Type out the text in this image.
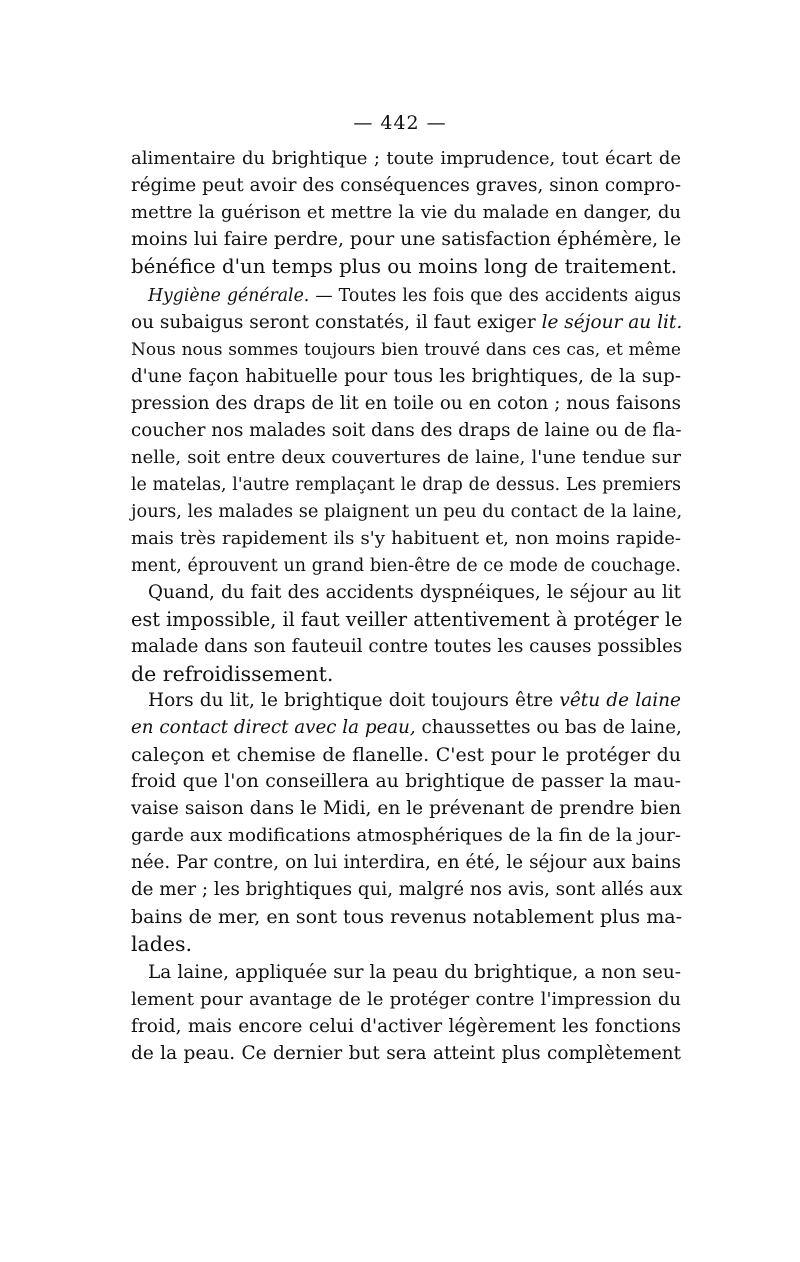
— 442 —
alimentaire du brightique ; toute imprudence, tout écart de
régime peut avoir des conséquences graves, sinon compro-
mettre la guérison et mettre la vie du malade en danger, du
moins lui faire perdre, pour une satisfaction éphémère, le
bénéfice d'un temps plus ou moins long de traitement.
Hygiène générale. — Toutes les fois que des accidents aigus
ou subaigus seront constatés, il faut exiger le séjour au lit.
Nous nous sommes toujours bien trouvé dans ces cas, et même
d'une façon habituelle pour tous les brightiques, de la sup-
pression des draps de lit en toile ou en coton ; nous faisons
coucher nos malades soit dans des draps de laine ou de fla-
nelle, soit entre deux couvertures de laine, l'une tendue sur
le matelas, l'autre remplaçant le drap de dessus. Les premiers
jours, les malades se plaignent un peu du contact de la laine,
mais très rapidement ils s'y habituent et, non moins rapide-
ment, éprouvent un grand bien-être de ce mode de couchage.
Quand, du fait des accidents dyspnéiques, le séjour au lit
est impossible, il faut veiller attentivement à protéger le
malade dans son fauteuil contre toutes les causes possibles
de refroidissement.
Hors du lit, le brightique doit toujours être vêtu de laine
en contact direct avec la peau, chaussettes ou bas de laine,
caleçon et chemise de flanelle. C'est pour le protéger du
froid que l'on conseillera au brightique de passer la mau-
vaise saison dans le Midi, en le prévenant de prendre bien
garde aux modifications atmosphériques de la fin de la jour-
née. Par contre, on lui interdira, en été, le séjour aux bains
de mer ; les brightiques qui, malgré nos avis, sont allés aux
bains de mer, en sont tous revenus notablement plus ma-
lades.
La laine, appliquée sur la peau du brightique, a non seu-
lement pour avantage de le protéger contre l'impression du
froid, mais encore celui d'activer légèrement les fonctions
de la peau. Ce dernier but sera atteint plus complètement
